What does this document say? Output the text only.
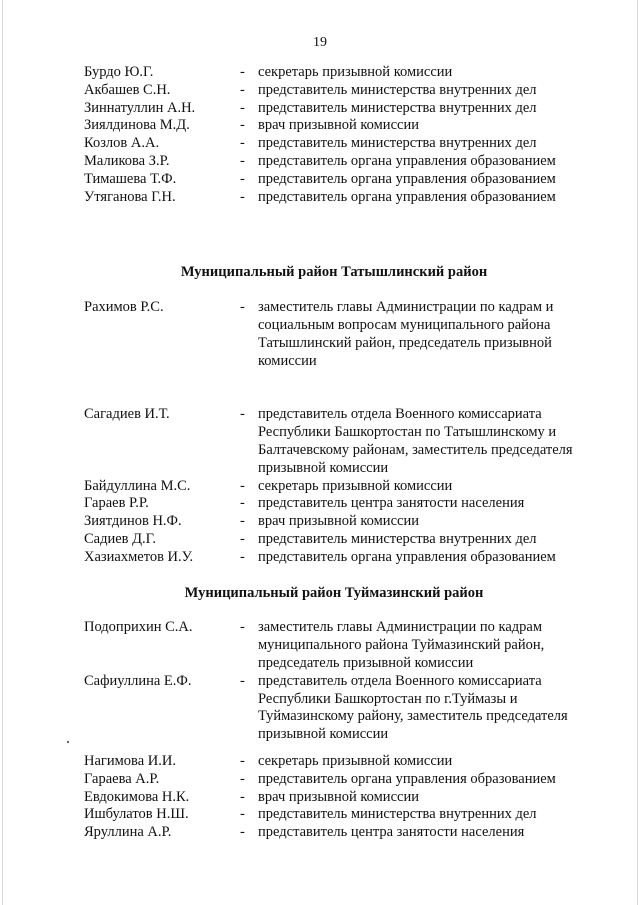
19
Бурдо Ю.Г.	- секретарь призывной комиссии
Акбашев С.Н.	- представитель министерства внутренних дел
Зиннатуллин А.Н.	- представитель министерства внутренних дел
Зиялдинова М.Д.	- врач призывной комиссии
Козлов А.А.	- представитель министерства внутренних дел
Маликова З.Р.	- представитель органа управления образованием
Тимашева Т.Ф.	- представитель органа управления образованием
Утяганова Г.Н.	- представитель органа управления образованием
Муниципальный район Татышлинский район
Рахимов Р.С.	- заместитель главы Администрации по кадрам и социальным вопросам муниципального района Татышлинский район, председатель призывной комиссии
Сагадиев И.Т.	- представитель отдела Военного комиссариата Республики Башкортостан по Татышлинскому и Балтачевскому районам, заместитель председателя призывной комиссии
Байдуллина М.С.	- секретарь призывной комиссии
Гараев Р.Р.	- представитель центра занятости населения
Зиятдинов Н.Ф.	- врач призывной комиссии
Садиев Д.Г.	- представитель министерства внутренних дел
Хазиахметов И.У.	- представитель органа управления образованием
Муниципальный район Туймазинский район
Подоприхин С.А.	- заместитель главы Администрации по кадрам муниципального района Туймазинский район, председатель призывной комиссии
Сафиуллина Е.Ф.	- представитель отдела Военного комиссариата Республики Башкортостан по г.Туймазы и Туймазинскому району, заместитель председателя призывной комиссии
Нагимова И.И.	- секретарь призывной комиссии
Гараева А.Р.	- представитель органа управления образованием
Евдокимова Н.К.	- врач призывной комиссии
Ишбулатов Н.Ш.	- представитель министерства внутренних дел
Яруллина А.Р.	- представитель центра занятости населения
